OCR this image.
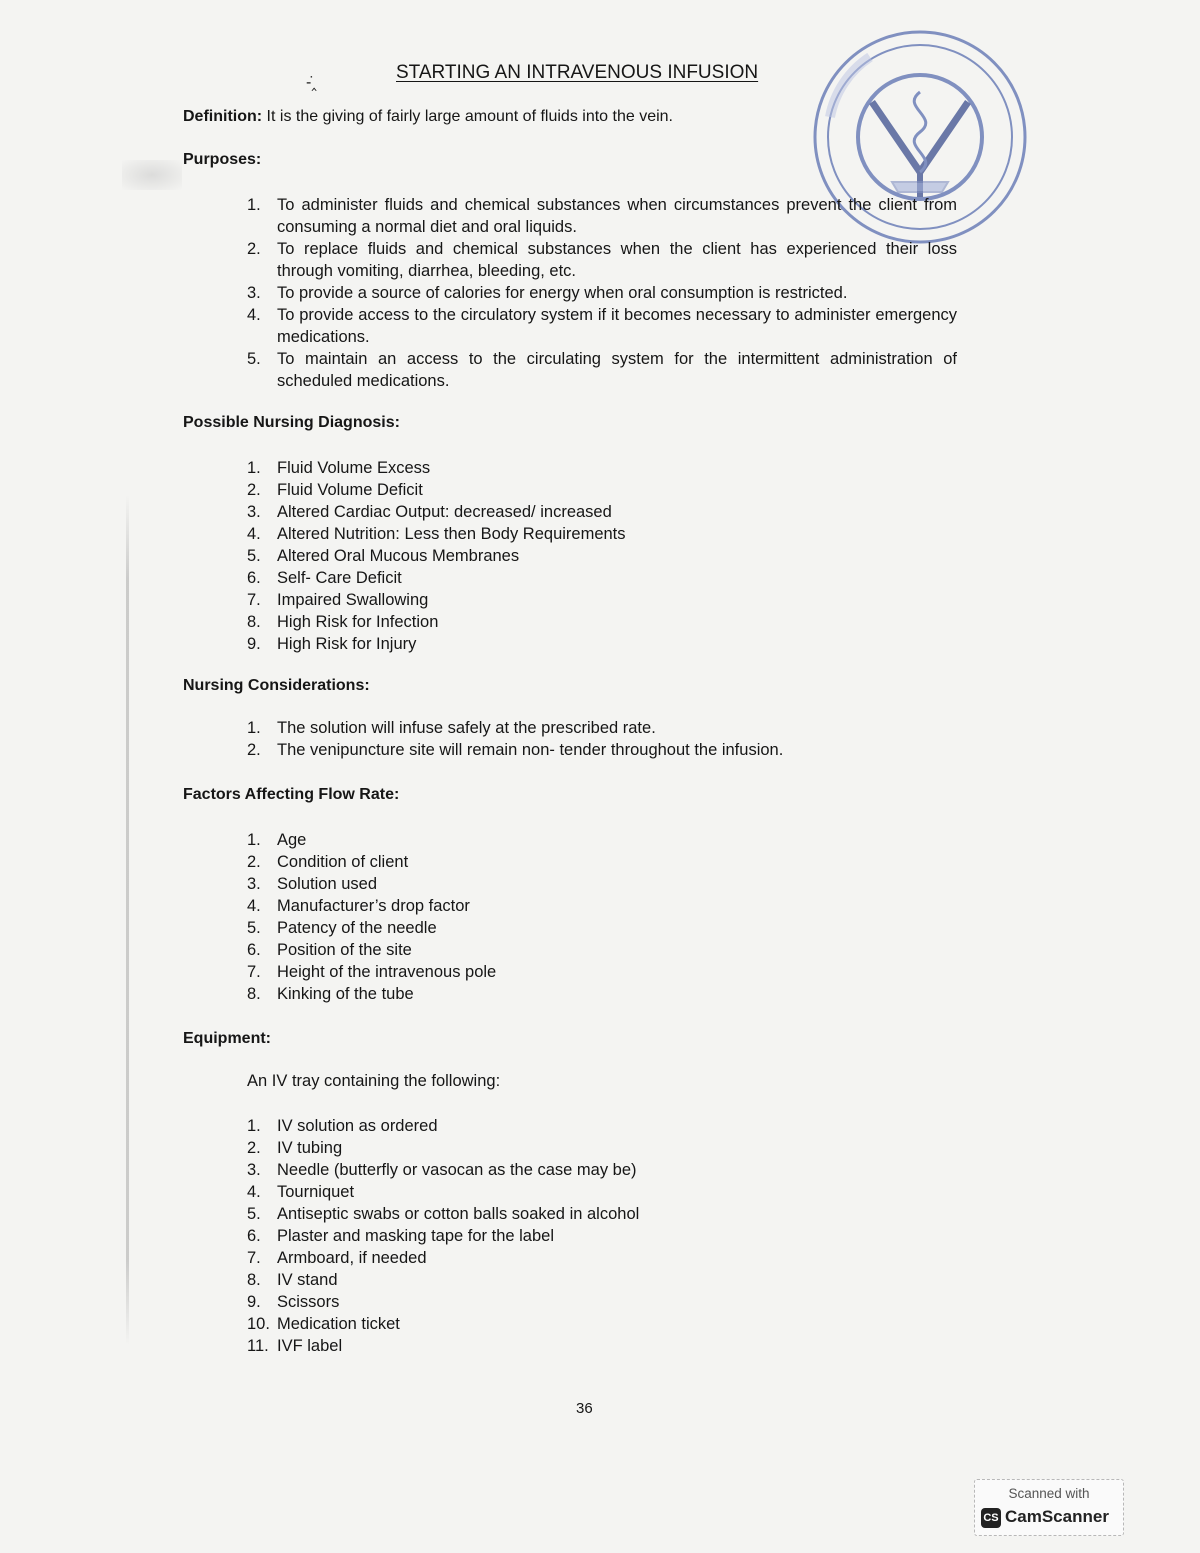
-̇‸	STARTING AN INTRAVENOUS INFUSION
Definition: It is the giving of fairly large amount of fluids into the vein.
Purposes:
1. To administer fluids and chemical substances when circumstances prevent the client from consuming a normal diet and oral liquids.
2. To replace fluids and chemical substances when the client has experienced their loss through vomiting, diarrhea, bleeding, etc.
3. To provide a source of calories for energy when oral consumption is restricted.
4. To provide access to the circulatory system if it becomes necessary to administer emergency medications.
5. To maintain an access to the circulating system for the intermittent administration of scheduled medications.
Possible Nursing Diagnosis:
1. Fluid Volume Excess
2. Fluid Volume Deficit
3. Altered Cardiac Output: decreased/ increased
4. Altered Nutrition: Less then Body Requirements
5. Altered Oral Mucous Membranes
6. Self- Care Deficit
7. Impaired Swallowing
8. High Risk for Infection
9. High Risk for Injury
Nursing Considerations:
1. The solution will infuse safely at the prescribed rate.
2. The venipuncture site will remain non- tender throughout the infusion.
Factors Affecting Flow Rate:
1. Age
2. Condition of client
3. Solution used
4. Manufacturer’s drop factor
5. Patency of the needle
6. Position of the site
7. Height of the intravenous pole
8. Kinking of the tube
Equipment:
An IV tray containing the following:
1. IV solution as ordered
2. IV tubing
3. Needle (butterfly or vasocan as the case may be)
4. Tourniquet
5. Antiseptic swabs or cotton balls soaked in alcohol
6. Plaster and masking tape for the label
7. Armboard, if needed
8. IV stand
9. Scissors
10. Medication ticket
11. IVF label
36
Scanned with
CS CamScanner
